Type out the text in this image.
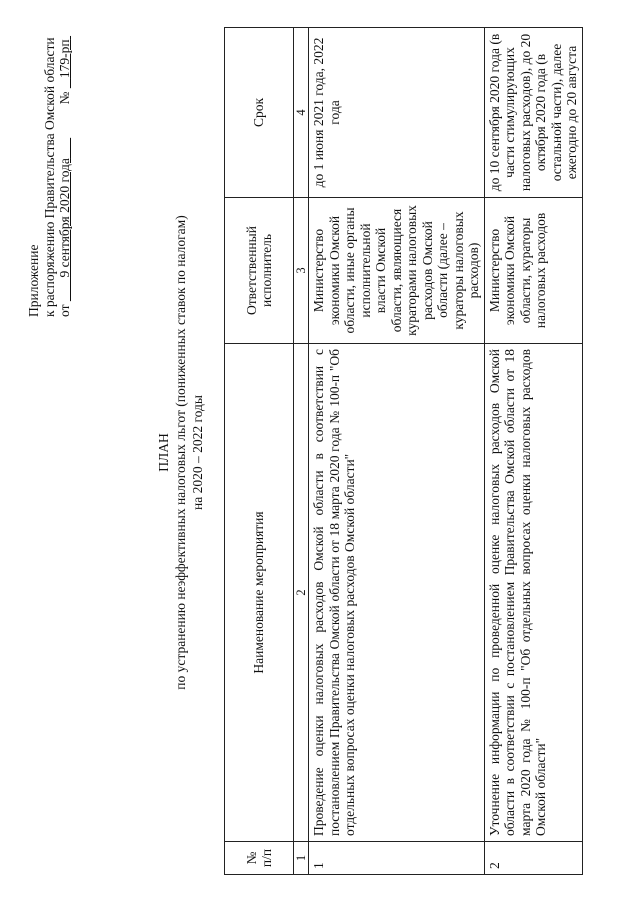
Приложение к распоряжению Правительства Омской области от        9 сентября 2020 года       №    179-рп
ПЛАН по устранению неэффективных налоговых льгот (пониженных ставок по налогам) на 2020 – 2022 годы
№ п/п	Наименование мероприятия	Ответственный исполнитель	Срок
1	2	3	4
1	Проведение оценки налоговых расходов Омской области в соответствии с постановлением Правительства Омской области от 18 марта 2020 года № 100-п "Об отдельных вопросах оценки налоговых расходов Омской области"	Министерство экономики Омской области, иные органы исполнительной власти Омской области, являющиеся кураторами налоговых расходов Омской области (далее – кураторы налоговых расходов)	до 1 июня 2021 года, 2022 года
2	Уточнение информации по проведенной оценке налоговых расходов Омской области в соответствии с постановлением Правительства Омской области от 18 марта 2020 года № 100-п "Об отдельных вопросах оценки налоговых расходов Омской области"	Министерство экономики Омской области, кураторы налоговых расходов	до 10 сентября 2020 года (в части стимулирующих налоговых расходов), до 20 октября 2020 года (в остальной части), далее ежегодно до 20 августа
